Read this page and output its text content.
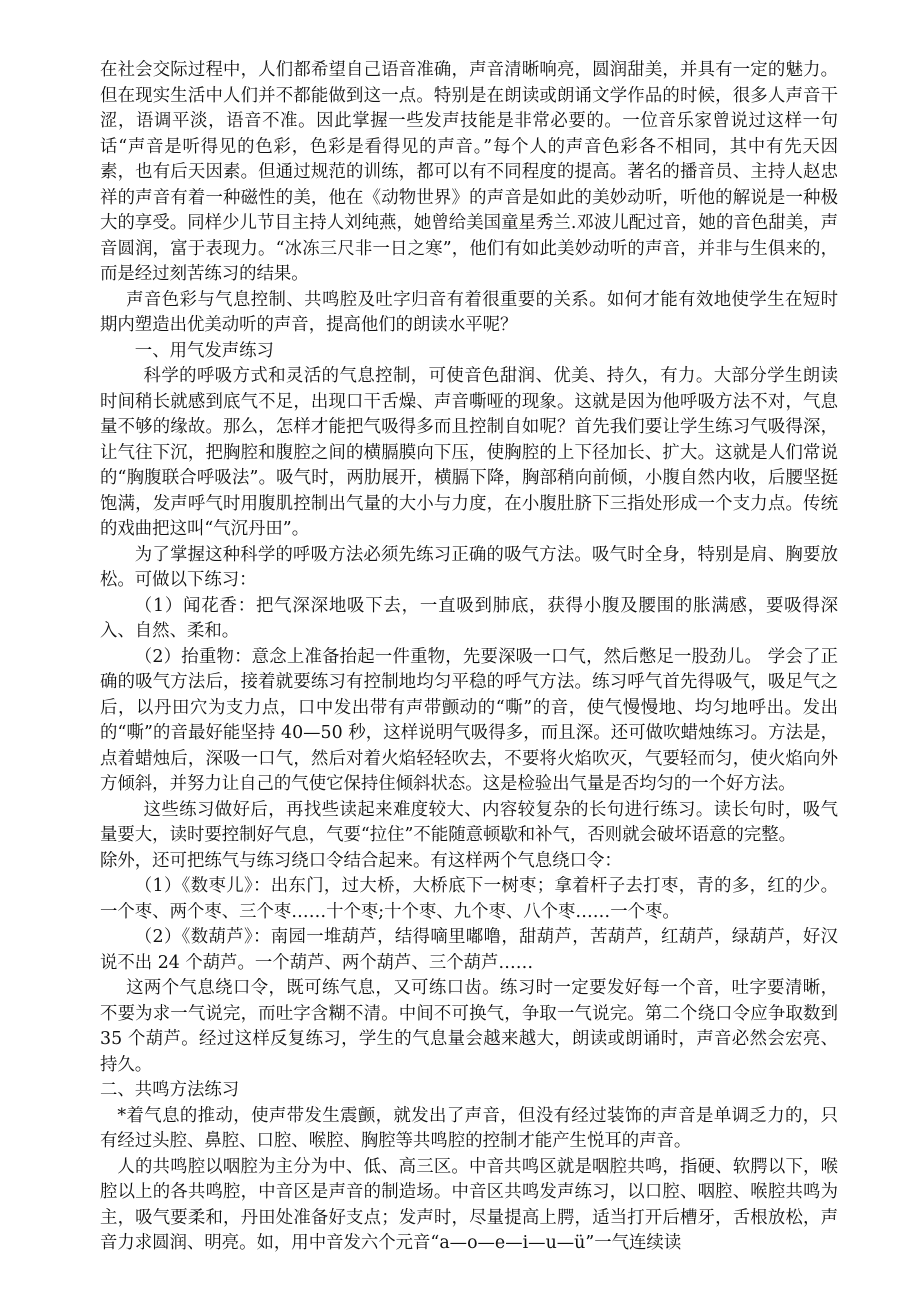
在社会交际过程中，人们都希望自己语音准确，声音清晰响亮，圆润甜美，并具有一定的魅力。但在现实生活中人们并不都能做到这一点。特别是在朗读或朗诵文学作品的时候，很多人声音干涩，语调平淡，语音不准。因此掌握一些发声技能是非常必要的。一位音乐家曾说过这样一句话“声音是听得见的色彩，色彩是看得见的声音。”每个人的声音色彩各不相同，其中有先天因素，也有后天因素。但通过规范的训练，都可以有不同程度的提高。著名的播音员、主持人赵忠祥的声音有着一种磁性的美，他在《动物世界》的声音是如此的美妙动听，听他的解说是一种极大的享受。同样少儿节目主持人刘纯燕，她曾给美国童星秀兰.邓波儿配过音，她的音色甜美，声音圆润，富于表现力。“冰冻三尺非一日之寒”，他们有如此美妙动听的声音，并非与生俱来的，而是经过刻苦练习的结果。

声音色彩与气息控制、共鸣腔及吐字归音有着很重要的关系。如何才能有效地使学生在短时期内塑造出优美动听的声音，提高他们的朗读水平呢？

一、用气发声练习

科学的呼吸方式和灵活的气息控制，可使音色甜润、优美、持久，有力。大部分学生朗读时间稍长就感到底气不足，出现口干舌燥、声音嘶哑的现象。这就是因为他呼吸方法不对，气息量不够的缘故。那么，怎样才能把气吸得多而且控制自如呢？首先我们要让学生练习气吸得深，让气往下沉，把胸腔和腹腔之间的横膈膜向下压，使胸腔的上下径加长、扩大。这就是人们常说的“胸腹联合呼吸法”。吸气时，两肋展开，横膈下降，胸部稍向前倾，小腹自然内收，后腰坚挺饱满，发声呼气时用腹肌控制出气量的大小与力度，在小腹肚脐下三指处形成一个支力点。传统的戏曲把这叫“气沉丹田”。

为了掌握这种科学的呼吸方法必须先练习正确的吸气方法。吸气时全身，特别是肩、胸要放松。可做以下练习：

（1）闻花香：把气深深地吸下去，一直吸到肺底，获得小腹及腰围的胀满感，要吸得深入、自然、柔和。

（2）抬重物：意念上准备抬起一件重物，先要深吸一口气，然后憋足一股劲儿。 学会了正确的吸气方法后，接着就要练习有控制地均匀平稳的呼气方法。练习呼气首先得吸气，吸足气之后，以丹田穴为支力点，口中发出带有声带颤动的“嘶”的音，使气慢慢地、均匀地呼出。发出的“嘶”的音最好能坚持 40—50 秒，这样说明气吸得多，而且深。还可做吹蜡烛练习。方法是，点着蜡烛后，深吸一口气，然后对着火焰轻轻吹去，不要将火焰吹灭，气要轻而匀，使火焰向外方倾斜，并努力让自己的气使它保持住倾斜状态。这是检验出气量是否均匀的一个好方法。

这些练习做好后，再找些读起来难度较大、内容较复杂的长句进行练习。读长句时，吸气量要大，读时要控制好气息，气要“拉住”不能随意顿歇和补气，否则就会破坏语意的完整。

除外，还可把练气与练习绕口令结合起来。有这样两个气息绕口令：

（1）《数枣儿》：出东门，过大桥，大桥底下一树枣；拿着杆子去打枣，青的多，红的少。一个枣、两个枣、三个枣……十个枣;十个枣、九个枣、八个枣……一个枣。

（2）《数葫芦》：南园一堆葫芦，结得嘀里嘟噜，甜葫芦，苦葫芦，红葫芦，绿葫芦，好汉说不出 24 个葫芦。一个葫芦、两个葫芦、三个葫芦……

这两个气息绕口令，既可练气息，又可练口齿。练习时一定要发好每一个音，吐字要清晰，不要为求一气说完，而吐字含糊不清。中间不可换气，争取一气说完。第二个绕口令应争取数到 35 个葫芦。经过这样反复练习，学生的气息量会越来越大，朗读或朗诵时，声音必然会宏亮、持久。

二、共鸣方法练习

*着气息的推动，使声带发生震颤，就发出了声音，但没有经过装饰的声音是单调乏力的，只有经过头腔、鼻腔、口腔、喉腔、胸腔等共鸣腔的控制才能产生悦耳的声音。

人的共鸣腔以咽腔为主分为中、低、高三区。中音共鸣区就是咽腔共鸣，指硬、软腭以下，喉腔以上的各共鸣腔，中音区是声音的制造场。中音区共鸣发声练习，以口腔、咽腔、喉腔共鸣为主，吸气要柔和，丹田处准备好支点；发声时，尽量提高上腭，适当打开后槽牙，舌根放松，声音力求圆润、明亮。如，用中音发六个元音“a—o—e—i—u—ü”一气连续读
